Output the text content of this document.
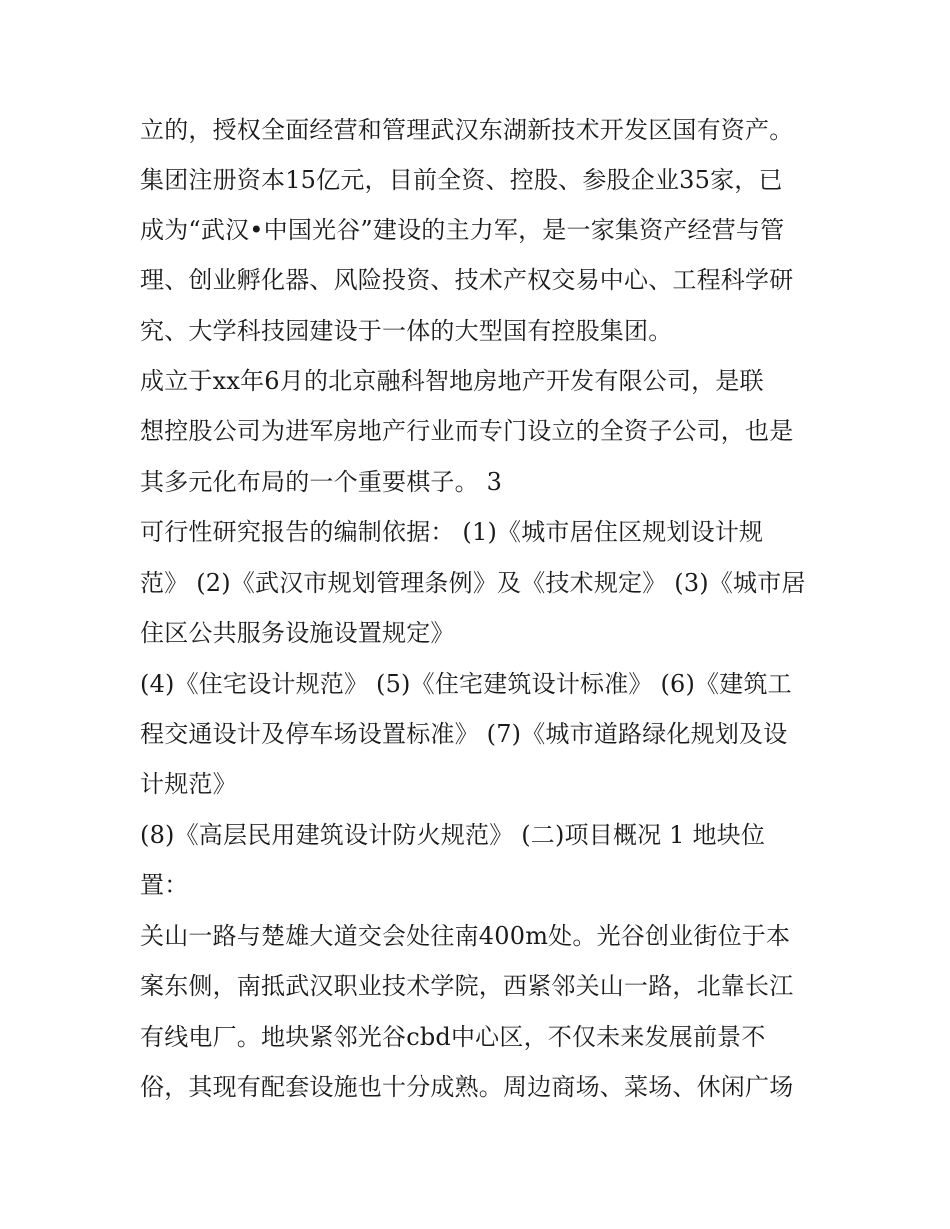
立的，授权全面经营和管理武汉东湖新技术开发区国有资产。
集团注册资本15亿元，目前全资、控股、参股企业35家，已
成为“武汉•中国光谷”建设的主力军，是一家集资产经营与管
理、创业孵化器、风险投资、技术产权交易中心、工程科学研
究、大学科技园建设于一体的大型国有控股集团。
成立于xx年6月的北京融科智地房地产开发有限公司，是联
想控股公司为进军房地产行业而专门设立的全资子公司，也是
其多元化布局的一个重要棋子。 3
可行性研究报告的编制依据： (1)《城市居住区规划设计规
范》 (2)《武汉市规划管理条例》及《技术规定》 (3)《城市居
住区公共服务设施设置规定》
(4)《住宅设计规范》 (5)《住宅建筑设计标准》 (6)《建筑工
程交通设计及停车场设置标准》 (7)《城市道路绿化规划及设
计规范》
(8)《高层民用建筑设计防火规范》 (二)项目概况 1 地块位
置：
关山一路与楚雄大道交会处往南400m处。光谷创业街位于本
案东侧，南抵武汉职业技术学院，西紧邻关山一路，北靠长江
有线电厂。地块紧邻光谷cbd中心区，不仅未来发展前景不
俗，其现有配套设施也十分成熟。周边商场、菜场、休闲广场
